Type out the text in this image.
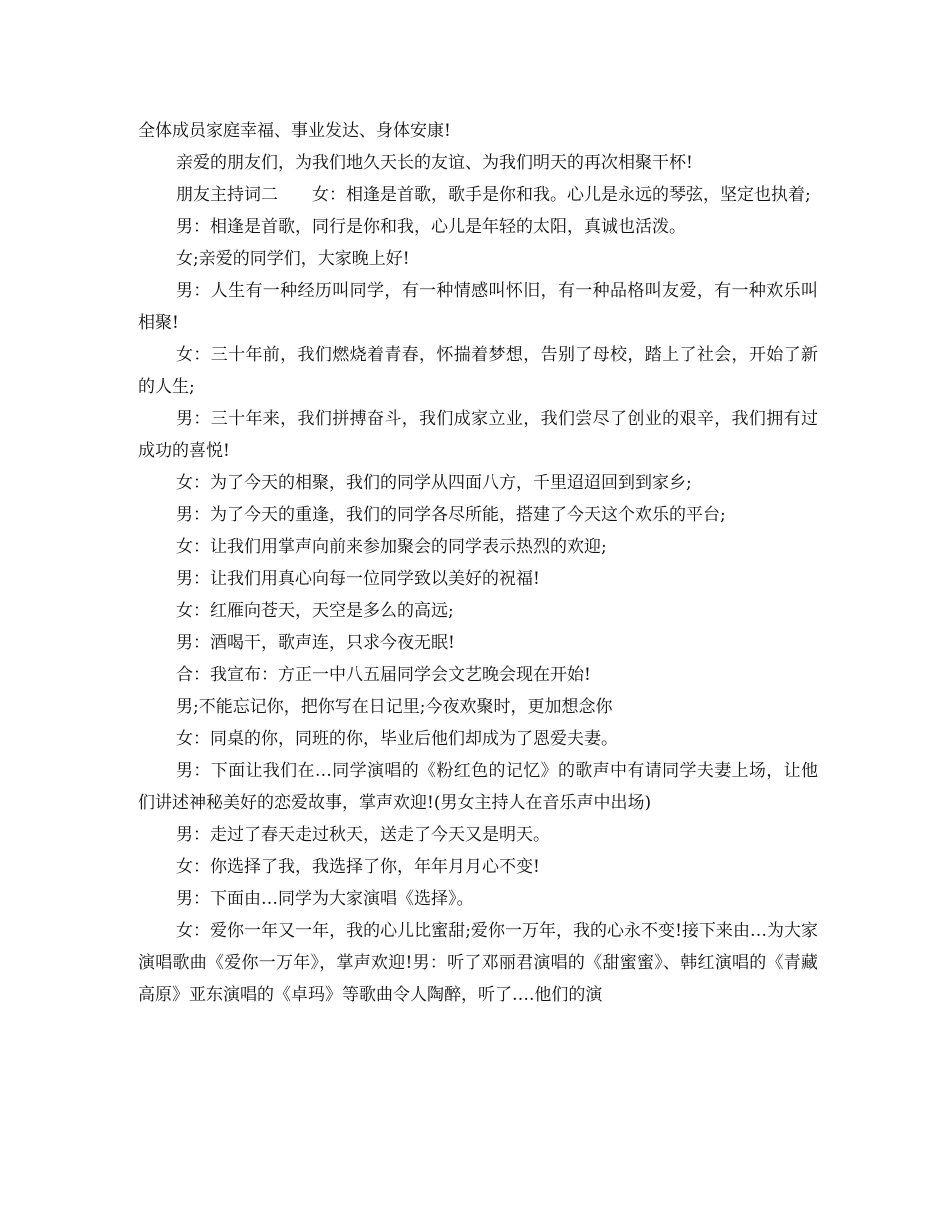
全体成员家庭幸福、事业发达、身体安康!

亲爱的朋友们，为我们地久天长的友谊、为我们明天的再次相聚干杯!

朋友主持词二　　女：相逢是首歌，歌手是你和我。心儿是永远的琴弦，坚定也执着;

男：相逢是首歌，同行是你和我，心儿是年轻的太阳，真诚也活泼。

女;亲爱的同学们，大家晚上好!

男：人生有一种经历叫同学，有一种情感叫怀旧，有一种品格叫友爱，有一种欢乐叫相聚!

女：三十年前，我们燃烧着青春，怀揣着梦想，告别了母校，踏上了社会，开始了新的人生;

男：三十年来，我们拼搏奋斗，我们成家立业，我们尝尽了创业的艰辛，我们拥有过成功的喜悦!

女：为了今天的相聚，我们的同学从四面八方，千里迢迢回到到家乡;

男：为了今天的重逢，我们的同学各尽所能，搭建了今天这个欢乐的平台;

女：让我们用掌声向前来参加聚会的同学表示热烈的欢迎;

男：让我们用真心向每一位同学致以美好的祝福!

女：红雁向苍天，天空是多么的高远;

男：酒喝干，歌声连，只求今夜无眠!

合：我宣布：方正一中八五届同学会文艺晚会现在开始!

男;不能忘记你，把你写在日记里;今夜欢聚时，更加想念你

女：同桌的你，同班的你，毕业后他们却成为了恩爱夫妻。

男：下面让我们在…同学演唱的《粉红色的记忆》的歌声中有请同学夫妻上场，让他们讲述神秘美好的恋爱故事，掌声欢迎!(男女主持人在音乐声中出场)

男：走过了春天走过秋天，送走了今天又是明天。

女：你选择了我，我选择了你，年年月月心不变!

男：下面由…同学为大家演唱《选择》。

女：爱你一年又一年，我的心儿比蜜甜;爱你一万年，我的心永不变!接下来由…为大家演唱歌曲《爱你一万年》，掌声欢迎!男：听了邓丽君演唱的《甜蜜蜜》、韩红演唱的《青藏高原》亚东演唱的《卓玛》等歌曲令人陶醉，听了….他们的演
